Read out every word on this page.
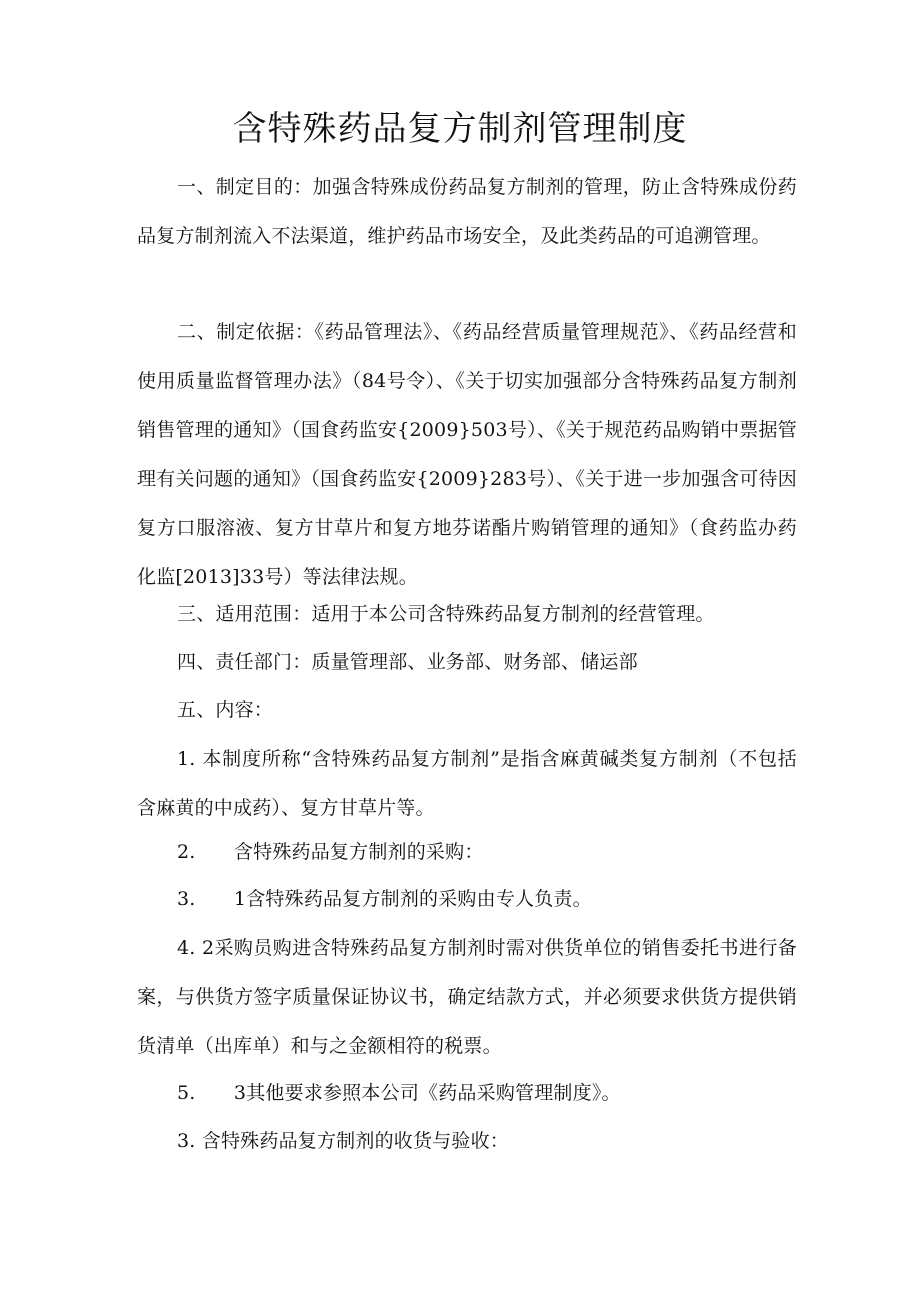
含特殊药品复方制剂管理制度

一、制定目的：加强含特殊成份药品复方制剂的管理，防止含特殊成份药品复方制剂流入不法渠道，维护药品市场安全，及此类药品的可追溯管理。

二、制定依据：《药品管理法》、《药品经营质量管理规范》、《药品经营和使用质量监督管理办法》（84号令）、《关于切实加强部分含特殊药品复方制剂销售管理的通知》（国食药监安{2009}503号）、《关于规范药品购销中票据管理有关问题的通知》（国食药监安{2009}283号）、《关于进一步加强含可待因复方口服溶液、复方甘草片和复方地芬诺酯片购销管理的通知》（食药监办药化监[2013]33号）等法律法规。

三、适用范围：适用于本公司含特殊药品复方制剂的经营管理。

四、责任部门：质量管理部、业务部、财务部、储运部

五、内容：

1. 本制度所称“含特殊药品复方制剂”是指含麻黄碱类复方制剂（不包括含麻黄的中成药）、复方甘草片等。

2.　　含特殊药品复方制剂的采购：

3.　　1含特殊药品复方制剂的采购由专人负责。

4. 2采购员购进含特殊药品复方制剂时需对供货单位的销售委托书进行备案，与供货方签字质量保证协议书，确定结款方式，并必须要求供货方提供销货清单（出库单）和与之金额相符的税票。

5.　　3其他要求参照本公司《药品采购管理制度》。

3. 含特殊药品复方制剂的收货与验收：
